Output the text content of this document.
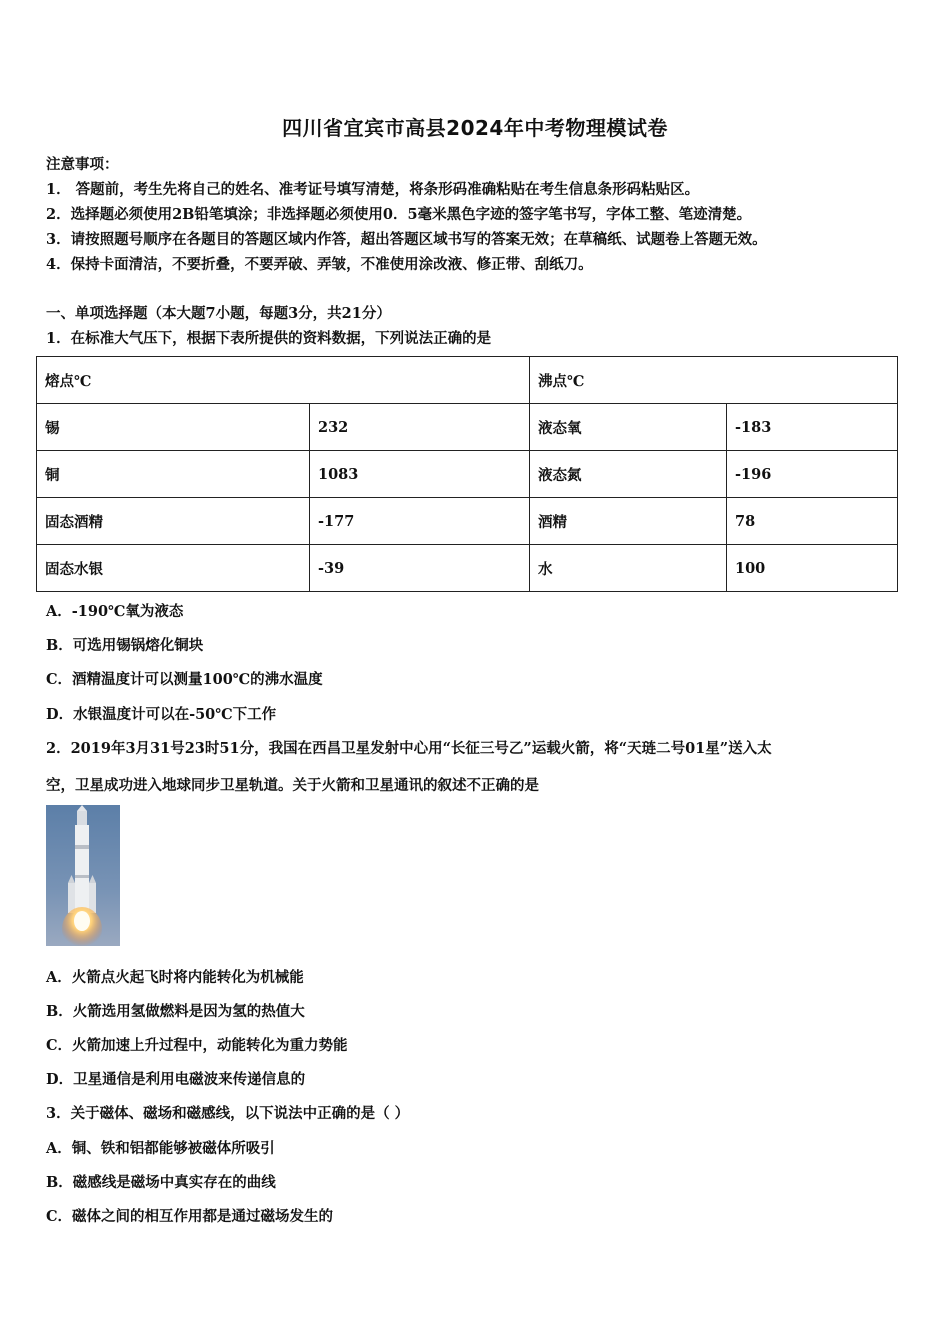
四川省宜宾市高县2024年中考物理模试卷
注意事项：
1． 答题前，考生先将自己的姓名、准考证号填写清楚，将条形码准确粘贴在考生信息条形码粘贴区。
2．选择题必须使用2B铅笔填涂；非选择题必须使用0．5毫米黑色字迹的签字笔书写，字体工整、笔迹清楚。
3．请按照题号顺序在各题目的答题区域内作答，超出答题区域书写的答案无效；在草稿纸、试题卷上答题无效。
4．保持卡面清洁，不要折叠，不要弄破、弄皱，不准使用涂改液、修正带、刮纸刀。
一、单项选择题（本大题7小题，每题3分，共21分）
1．在标准大气压下，根据下表所提供的资料数据，下列说法正确的是
熔点℃		沸点℃	
锡	232	液态氧	-183
铜	1083	液态氮	-196
固态酒精	-177	酒精	78
固态水银	-39	水	100
A．-190℃氧为液态
B．可选用锡锅熔化铜块
C．酒精温度计可以测量100℃的沸水温度
D．水银温度计可以在-50℃下工作
2．2019年3月31号23时51分，我国在西昌卫星发射中心用“长征三号乙”运载火箭，将“天琏二号01星”送入太
空，卫星成功进入地球同步卫星轨道。关于火箭和卫星通讯的叙述不正确的是
A．火箭点火起飞时将内能转化为机械能
B．火箭选用氢做燃料是因为氢的热值大
C．火箭加速上升过程中，动能转化为重力势能
D．卫星通信是利用电磁波来传递信息的
3．关于磁体、磁场和磁感线，以下说法中正确的是（ ）
A．铜、铁和铝都能够被磁体所吸引
B．磁感线是磁场中真实存在的曲线
C．磁体之间的相互作用都是通过磁场发生的
